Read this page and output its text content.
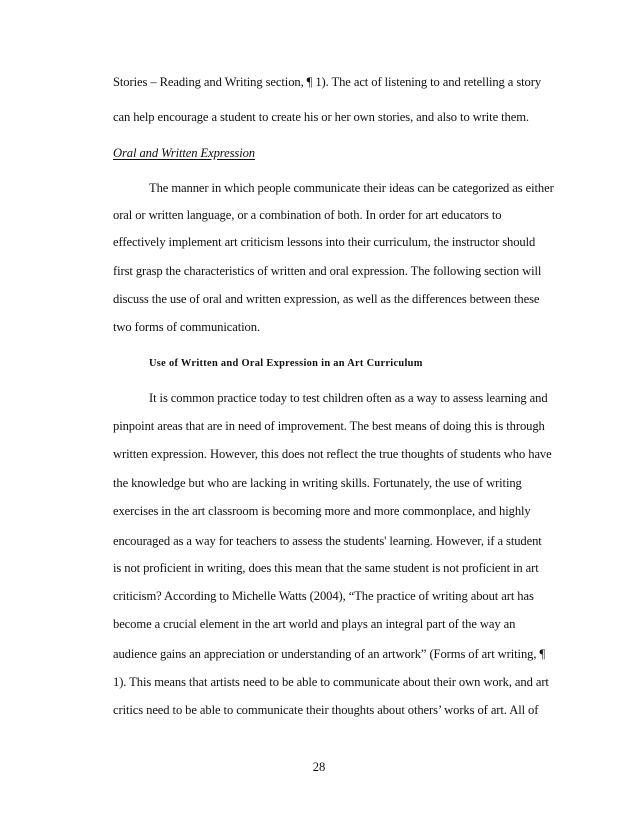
Stories – Reading and Writing section, ¶ 1). The act of listening to and retelling a story
can help encourage a student to create his or her own stories, and also to write them.
Oral and Written Expression
The manner in which people communicate their ideas can be categorized as either
oral or written language, or a combination of both. In order for art educators to
effectively implement art criticism lessons into their curriculum, the instructor should
first grasp the characteristics of written and oral expression. The following section will
discuss the use of oral and written expression, as well as the differences between these
two forms of communication.
Use of Written and Oral Expression in an Art Curriculum
It is common practice today to test children often as a way to assess learning and
pinpoint areas that are in need of improvement. The best means of doing this is through
written expression. However, this does not reflect the true thoughts of students who have
the knowledge but who are lacking in writing skills. Fortunately, the use of writing
exercises in the art classroom is becoming more and more commonplace, and highly
encouraged as a way for teachers to assess the students' learning. However, if a student
is not proficient in writing, does this mean that the same student is not proficient in art
criticism? According to Michelle Watts (2004), “The practice of writing about art has
become a crucial element in the art world and plays an integral part of the way an
audience gains an appreciation or understanding of an artwork” (Forms of art writing, ¶
1). This means that artists need to be able to communicate about their own work, and art
critics need to be able to communicate their thoughts about others’ works of art. All of
28
